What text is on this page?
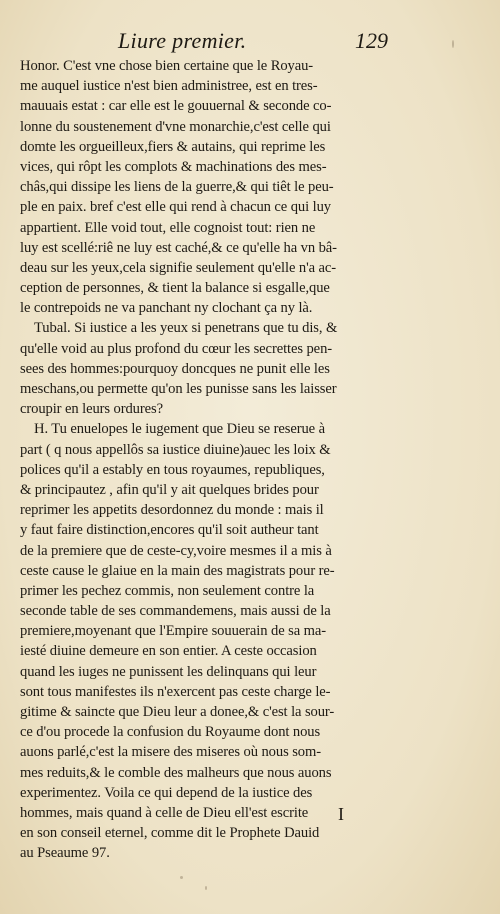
Liure premier.	129
Honor. C'est vne chose bien certaine que le Royau-
me auquel iustice n'est bien administree, est en tres-
mauuais estat : car elle est le gouuernal & seconde co-
lonne du soustenement d'vne monarchie,c'est celle qui
domte les orgueilleux,fiers & autains, qui reprime les
vices, qui rôpt les complots & machinations des mes-
châs,qui dissipe les liens de la guerre,& qui tiêt le peu-
ple en paix. bref c'est elle qui rend à chacun ce qui luy
appartient. Elle void tout, elle cognoist tout: rien ne
luy est scellé:riê ne luy est caché,& ce qu'elle ha vn bâ-
deau sur les yeux,cela signifie seulement qu'elle n'a ac-
ception de personnes, & tient la balance si esgalle,que
le contrepoids ne va panchant ny clochant ça ny là.
Tubal. Si iustice a les yeux si penetrans que tu dis, &
qu'elle void au plus profond du cœur les secrettes pen-
sees des hommes:pourquoy doncques ne punit elle les
meschans,ou permette qu'on les punisse sans les laisser
croupir en leurs ordures?
H. Tu enuelopes le iugement que Dieu se reserue à
part ( q nous appellôs sa iustice diuine)auec les loix &
polices qu'il a estably en tous royaumes, republiques,
& principautez , afin qu'il y ait quelques brides pour
reprimer les appetits desordonnez du monde : mais il
y faut faire distinction,encores qu'il soit autheur tant
de la premiere que de ceste-cy,voire mesmes il a mis à
ceste cause le glaiue en la main des magistrats pour re-
primer les pechez commis, non seulement contre la
seconde table de ses commandemens, mais aussi de la
premiere,moyenant que l'Empire souuerain de sa ma-
iesté diuine demeure en son entier. A ceste occasion
quand les iuges ne punissent les delinquans qui leur
sont tous manifestes ils n'exercent pas ceste charge le-
gitime & saincte que Dieu leur a donee,& c'est la sour-
ce d'ou procede la confusion du Royaume dont nous
auons parlé,c'est la misere des miseres où nous som-
mes reduits,& le comble des malheurs que nous auons
experimentez. Voila ce qui depend de la iustice des
hommes, mais quand à celle de Dieu ell'est escrite
en son conseil eternel, comme dit le Prophete Dauid
au Pseaume 97.
I
